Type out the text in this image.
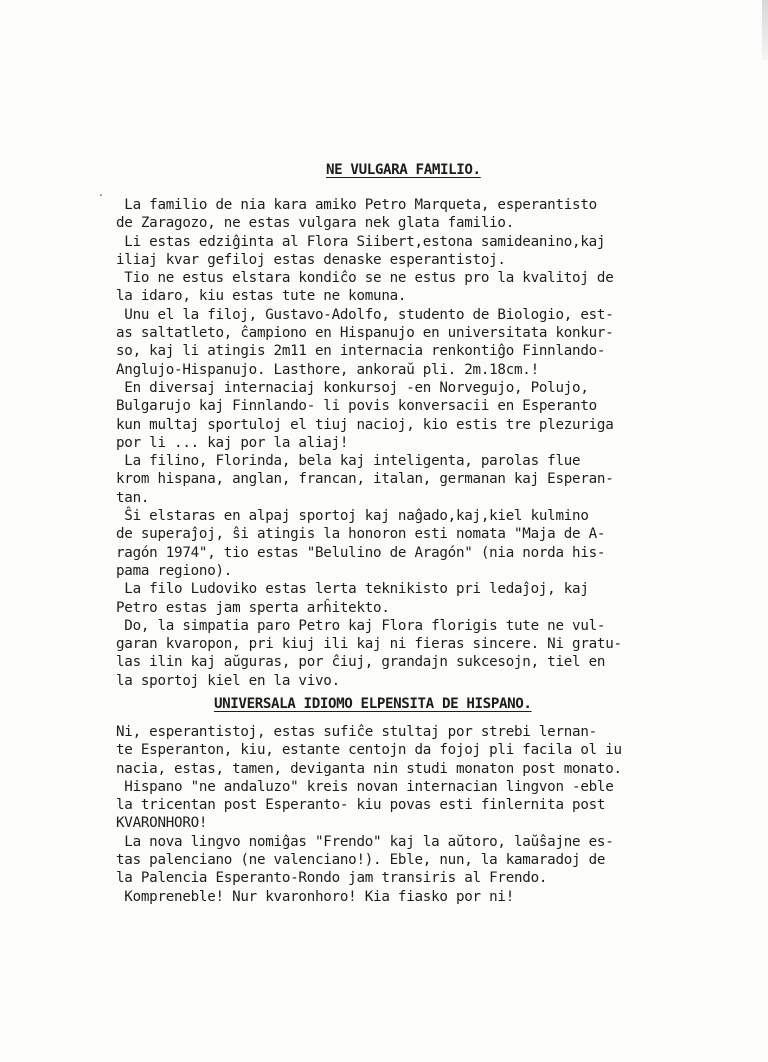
NE VULGARA FAMILIO.
La familio de nia kara amiko Petro Marqueta, esperantisto
de Zaragozo, ne estas vulgara nek glata familio.
Li estas edziĝinta al Flora Siibert,estona samideanino,kaj
iliaj kvar gefiloj estas denaske esperantistoj.
Tio ne estus elstara kondiĉo se ne estus pro la kvalitoj de
la idaro, kiu estas tute ne komuna.
Unu el la filoj, Gustavo-Adolfo, studento de Biologio, est-
as saltatleto, ĉampiono en Hispanujo en universitata konkur-
so, kaj li atingis 2m11 en internacia renkontiĝo Finnlando-
Anglujo-Hispanujo. Lasthore, ankoraŭ pli. 2m.18cm.!
En diversaj internaciaj konkursoj -en Norvegujo, Polujo,
Bulgarujo kaj Finnlando- li povis konversacii en Esperanto
kun multaj sportuloj el tiuj nacioj, kio estis tre plezuriga
por li ... kaj por la aliaj!
La filino, Florinda, bela kaj inteligenta, parolas flue
krom hispana, anglan, francan, italan, germanan kaj Esperan-
tan.
Ŝi elstaras en alpaj sportoj kaj naĝado,kaj,kiel kulmino
de superaĵoj, ŝi atingis la honoron esti nomata "Maja de A-
ragón 1974", tio estas "Belulino de Aragón" (nia norda his-
pama regiono).
La filo Ludoviko estas lerta teknikisto pri ledaĵoj, kaj
Petro estas jam sperta arĥitekto.
Do, la simpatia paro Petro kaj Flora florigis tute ne vul-
garan kvaropon, pri kiuj ili kaj ni fieras sincere. Ni gratu-
las ilin kaj aŭguras, por ĉiuj, grandajn sukcesojn, tiel en
la sportoj kiel en la vivo.
UNIVERSALA IDIOMO ELPENSITA DE HISPANO.
Ni, esperantistoj, estas sufiĉe stultaj por strebi lernan-
te Esperanton, kiu, estante centojn da fojoj pli facila ol iu
nacia, estas, tamen, deviganta nin studi monaton post monato.
Hispano "ne andaluzo" kreis novan internacian lingvon -eble
la tricentan post Esperanto- kiu povas esti finlernita post
KVARONHORO!
La nova lingvo nomiĝas "Frendo" kaj la aŭtoro, laŭŝajne es-
tas palenciano (ne valenciano!). Eble, nun, la kamaradoj de
la Palencia Esperanto-Rondo jam transiris al Frendo.
Kompreneble! Nur kvaronhoro! Kia fiasko por ni!
